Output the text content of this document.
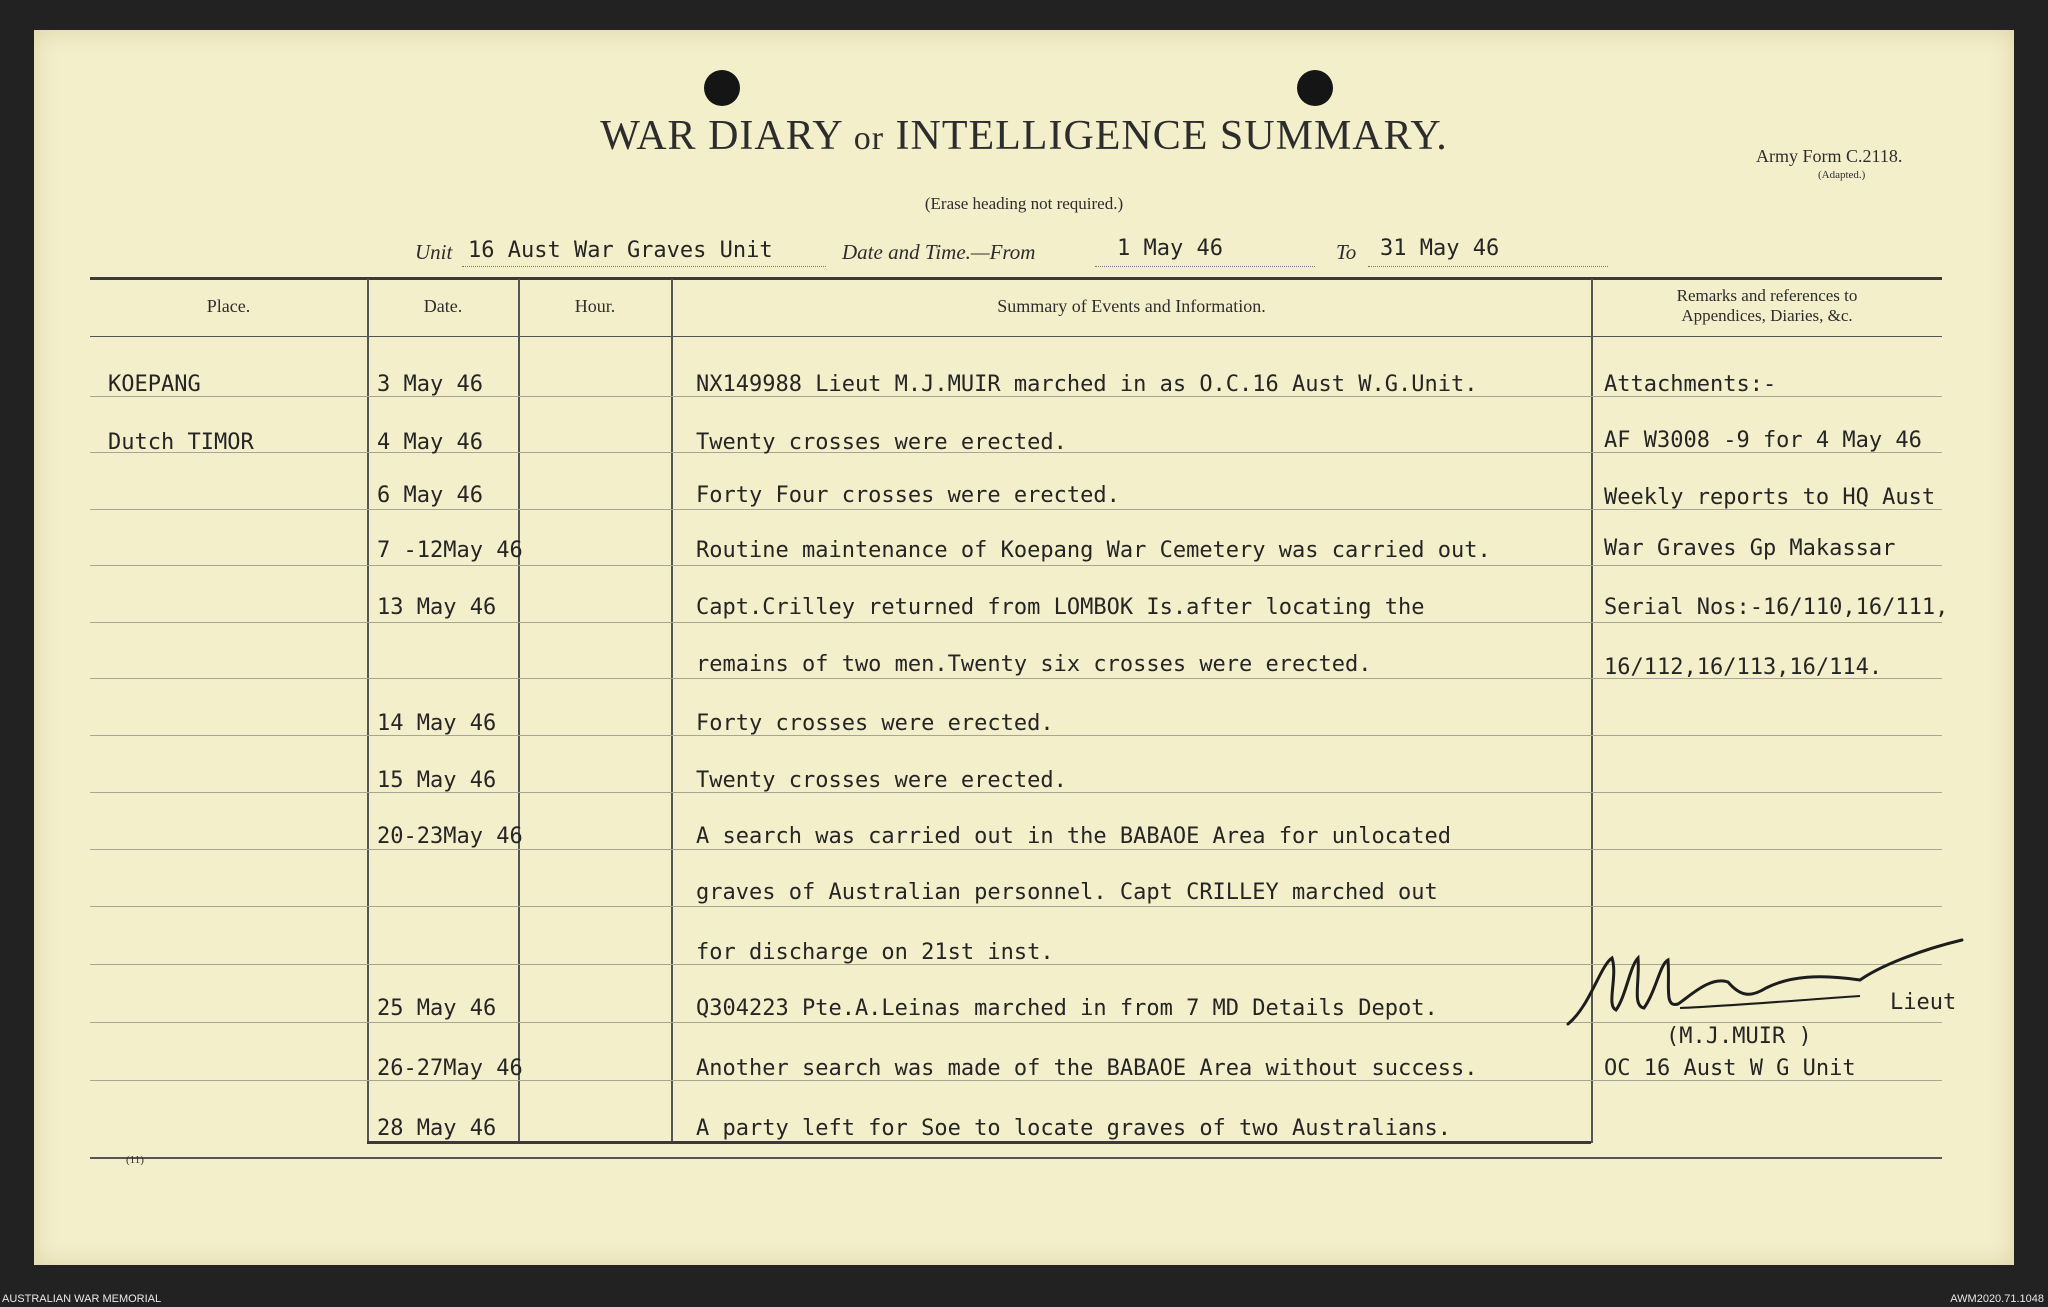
WAR DIARY or INTELLIGENCE SUMMARY.
(Erase heading not required.)
Army Form C.2118.
(Adapted.)
Unit 16 Aust War Graves Unit	Date and Time.—From	1 May 46	To 31 May 46
Place.	Date.	Hour.	Summary of Events and Information.
Remarks and references to
Appendices, Diaries, &c.
KOEPANG	3 May 46	NX149988 Lieut M.J.MUIR marched in as O.C.16 Aust W.G.Unit.	Attachments:-
Dutch TIMOR	4 May 46	Twenty crosses were erected.	AF W3008 -9 for 4 May 46
6 May 46	Forty Four crosses were erected.	Weekly reports to HQ Aust
7 -12May 46	Routine maintenance of Koepang War Cemetery was carried out.	War Graves Gp Makassar
13 May 46	Capt.Crilley returned from LOMBOK Is.after locating the	Serial Nos:-16/110,16/111,
remains of two men.Twenty six crosses were erected.	16/112,16/113,16/114.
14 May 46	Forty crosses were erected.
15 May 46	Twenty crosses were erected.
20-23May 46	A search was carried out in the BABAOE Area for unlocated
graves of Australian personnel. Capt CRILLEY marched out
for discharge on 21st inst.
25 May 46	Q304223 Pte.A.Leinas marched in from 7 MD Details Depot.
26-27May 46	Another search was made of the BABAOE Area without success.
28 May 46	A party left for Soe to locate graves of two Australians.
Lieut
(M.J.MUIR )
OC 16 Aust W G Unit
(11)
AUSTRALIAN WAR MEMORIAL	AWM2020.71.1048
